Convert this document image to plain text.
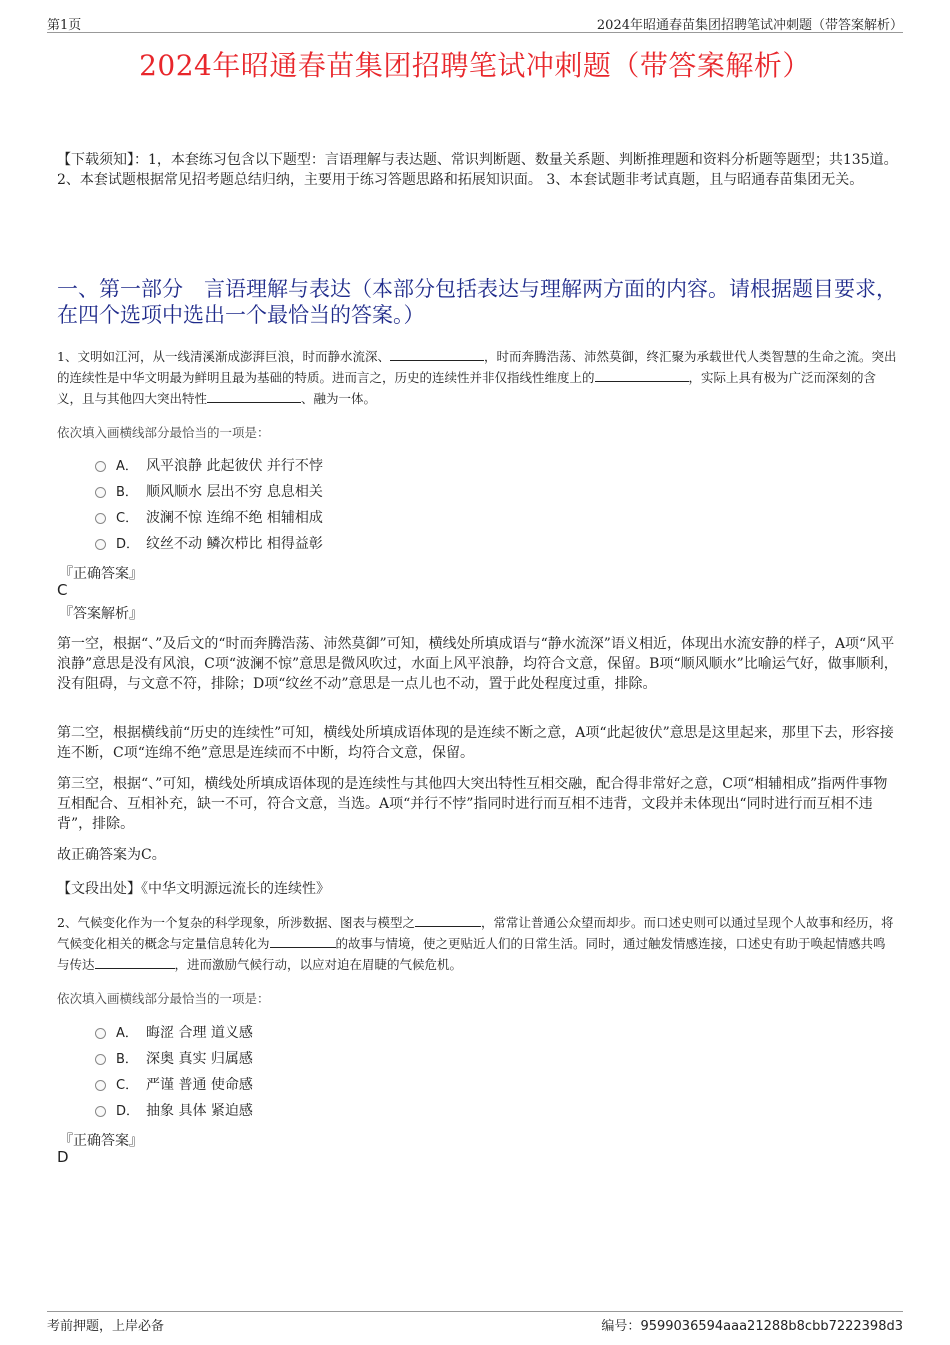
第1页	2024年昭通春苗集团招聘笔试冲刺题（带答案解析）
2024年昭通春苗集团招聘笔试冲刺题（带答案解析）
【下载须知】：1，本套练习包含以下题型：言语理解与表达题、常识判断题、数量关系题、判断推理题和资料分析题等题型；共135道。 2、本套试题根据常见招考题总结归纳，主要用于练习答题思路和拓展知识面。 3、本套试题非考试真题，且与昭通春苗集团无关。
一、第一部分　言语理解与表达（本部分包括表达与理解两方面的内容。请根据题目要求，在四个选项中选出一个最恰当的答案。）
1、文明如江河，从一线清溪渐成澎湃巨浪，时而静水流深、	，时而奔腾浩荡、沛然莫御，终汇聚为承载世代人类智慧的生命之流。突出的连续性是中华文明最为鲜明且最为基础的特质。进而言之，历史的连续性并非仅指线性维度上的	，实际上具有极为广泛而深刻的含义，且与其他四大突出特性	、融为一体。
依次填入画横线部分最恰当的一项是：
A． 风平浪静 此起彼伏 并行不悖
B． 顺风顺水 层出不穷 息息相关
C． 波澜不惊 连绵不绝 相辅相成
D． 纹丝不动 鳞次栉比 相得益彰
『正确答案』
C
『答案解析』
第一空，根据“、”及后文的“时而奔腾浩荡、沛然莫御”可知，横线处所填成语与“静水流深”语义相近，体现出水流安静的样子，A项“风平浪静”意思是没有风浪，C项“波澜不惊”意思是微风吹过，水面上风平浪静，均符合文意，保留。B项“顺风顺水”比喻运气好，做事顺利，没有阻碍，与文意不符，排除；D项“纹丝不动”意思是一点儿也不动，置于此处程度过重，排除。
第二空，根据横线前“历史的连续性”可知，横线处所填成语体现的是连续不断之意，A项“此起彼伏”意思是这里起来，那里下去，形容接连不断，C项“连绵不绝”意思是连续而不中断，均符合文意，保留。
第三空，根据“、”可知，横线处所填成语体现的是连续性与其他四大突出特性互相交融，配合得非常好之意，C项“相辅相成”指两件事物互相配合、互相补充，缺一不可，符合文意，当选。A项“并行不悖”指同时进行而互相不违背，文段并未体现出“同时进行而互相不违背”，排除。
故正确答案为C。
【文段出处】《中华文明源远流长的连续性》
2、气候变化作为一个复杂的科学现象，所涉数据、图表与模型之	，常常让普通公众望而却步。而口述史则可以通过呈现个人故事和经历，将气候变化相关的概念与定量信息转化为	的故事与情境，使之更贴近人们的日常生活。同时，通过触发情感连接，口述史有助于唤起情感共鸣与传达	，进而激励气候行动，以应对迫在眉睫的气候危机。
依次填入画横线部分最恰当的一项是：
A． 晦涩 合理 道义感
B． 深奥 真实 归属感
C． 严谨 普通 使命感
D． 抽象 具体 紧迫感
『正确答案』
D
考前押题，上岸必备	编号：9599036594aaa21288b8cbb7222398d3
